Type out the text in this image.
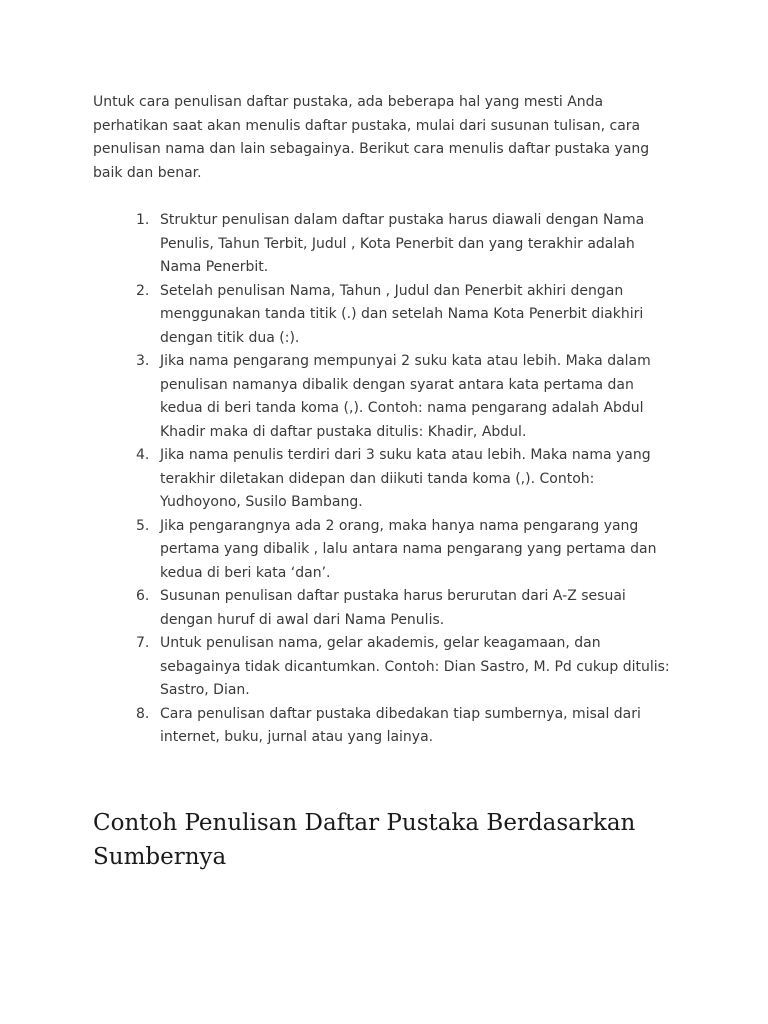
Untuk cara penulisan daftar pustaka, ada beberapa hal yang mesti Anda perhatikan saat akan menulis daftar pustaka, mulai dari susunan tulisan, cara penulisan nama dan lain sebagainya. Berikut cara menulis daftar pustaka yang baik dan benar.

1. Struktur penulisan dalam daftar pustaka harus diawali dengan Nama Penulis, Tahun Terbit, Judul , Kota Penerbit dan yang terakhir adalah Nama Penerbit.
2. Setelah penulisan Nama, Tahun , Judul dan Penerbit akhiri dengan menggunakan tanda titik (.) dan setelah Nama Kota Penerbit diakhiri dengan titik dua (:).
3. Jika nama pengarang mempunyai 2 suku kata atau lebih. Maka dalam penulisan namanya dibalik dengan syarat antara kata pertama dan kedua di beri tanda koma (,). Contoh: nama pengarang adalah Abdul Khadir maka di daftar pustaka ditulis: Khadir, Abdul.
4. Jika nama penulis terdiri dari 3 suku kata atau lebih. Maka nama yang terakhir diletakan didepan dan diikuti tanda koma (,). Contoh: Yudhoyono, Susilo Bambang.
5. Jika pengarangnya ada 2 orang, maka hanya nama pengarang yang pertama yang dibalik , lalu antara nama pengarang yang pertama dan kedua di beri kata ‘dan’.
6. Susunan penulisan daftar pustaka harus berurutan dari A-Z sesuai dengan huruf di awal dari Nama Penulis.
7. Untuk penulisan nama, gelar akademis, gelar keagamaan, dan sebagainya tidak dicantumkan. Contoh: Dian Sastro, M. Pd cukup ditulis: Sastro, Dian.
8. Cara penulisan daftar pustaka dibedakan tiap sumbernya, misal dari internet, buku, jurnal atau yang lainya.
Contoh Penulisan Daftar Pustaka Berdasarkan Sumbernya
